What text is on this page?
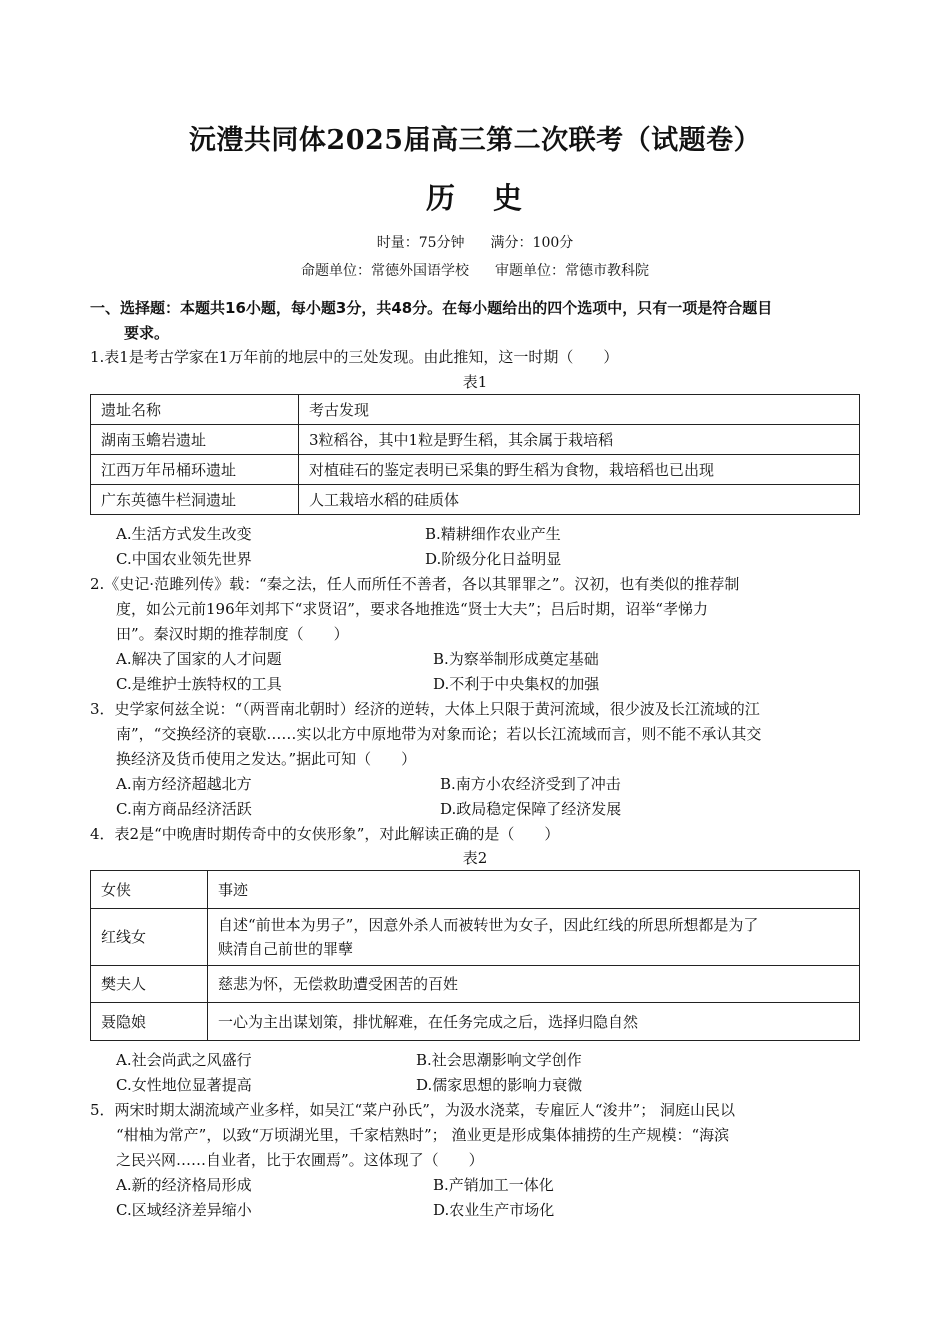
沅澧共同体2025届高三第二次联考（试题卷）
历 史
时量：75分钟 满分：100分
命题单位：常德外国语学校 审题单位：常德市教科院
一、选择题：本题共16小题，每小题3分，共48分。在每小题给出的四个选项中，只有一项是符合题目
要求。
1.表1是考古学家在1万年前的地层中的三处发现。由此推知，这一时期（　　）
表1
遗址名称	考古发现
湖南玉蟾岩遗址	3粒稻谷，其中1粒是野生稻，其余属于栽培稻
江西万年吊桶环遗址	对植硅石的鉴定表明已采集的野生稻为食物，栽培稻也已出现
广东英德牛栏洞遗址	人工栽培水稻的硅质体
A.生活方式发生改变	B.精耕细作农业产生
C.中国农业领先世界	D.阶级分化日益明显
2.《史记·范雎列传》载：“秦之法，任人而所任不善者，各以其罪罪之”。汉初，也有类似的推荐制
度，如公元前196年刘邦下“求贤诏”，要求各地推选“贤士大夫”；吕后时期，诏举“孝悌力
田”。秦汉时期的推荐制度（　　）
A.解决了国家的人才问题	B.为察举制形成奠定基础
C.是维护士族特权的工具	D.不利于中央集权的加强
3．史学家何兹全说：“（两晋南北朝时）经济的逆转，大体上只限于黄河流域，很少波及长江流域的江
南”，“交换经济的衰歇……实以北方中原地带为对象而论；若以长江流域而言，则不能不承认其交
换经济及货币使用之发达。”据此可知（　　）
A.南方经济超越北方	B.南方小农经济受到了冲击
C.南方商品经济活跃	D.政局稳定保障了经济发展
4．表2是“中晚唐时期传奇中的女侠形象”，对此解读正确的是（　　）
表2
女侠	事迹
红线女	自述“前世本为男子”，因意外杀人而被转世为女子，因此红线的所思所想都是为了
赎清自己前世的罪孽

樊夫人	慈悲为怀，无偿救助遭受困苦的百姓
聂隐娘	一心为主出谋划策，排忧解难，在任务完成之后，选择归隐自然
A.社会尚武之风盛行	B.社会思潮影响文学创作
C.女性地位显著提高	D.儒家思想的影响力衰微
5．两宋时期太湖流域产业多样，如吴江“菜户孙氏”，为汲水浇菜，专雇匠人“浚井”； 洞庭山民以
“柑柚为常产”，以致“万顷湖光里，千家桔熟时”； 渔业更是形成集体捕捞的生产规模：“海滨
之民兴网……自业者，比于农圃焉”。这体现了（　　）
A.新的经济格局形成	B.产销加工一体化
C.区域经济差异缩小	D.农业生产市场化
